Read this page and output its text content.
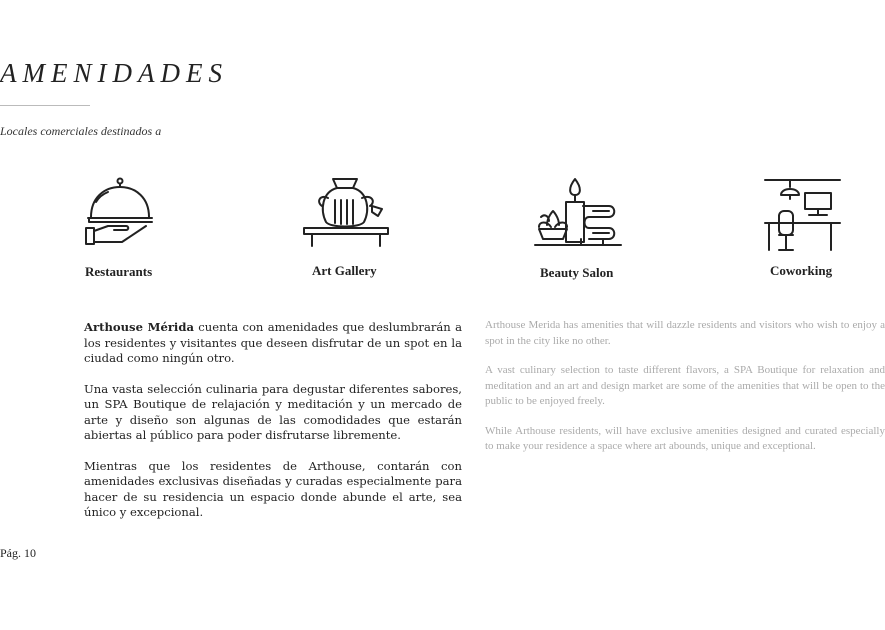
AMENIDADES
Locales comerciales destinados a
Restaurants	Art Gallery	Beauty Salon	Coworking

Arthouse Mérida cuenta con amenidades que deslumbrarán a los residentes y visitantes que deseen disfrutar de un spot en la ciudad como ningún otro.

Una vasta selección culinaria para degustar diferentes sabores, un SPA Boutique de relajación y meditación y un mercado de arte y diseño son algunas de las comodidades que estarán abiertas al público para poder disfrutarse libremente.

Mientras que los residentes de Arthouse, contarán con amenidades exclusivas diseñadas y curadas especialmente para hacer de su residencia un espacio donde abunde el arte, sea único y excepcional.

Arthouse Merida has amenities that will dazzle residents and visitors who wish to enjoy a spot in the city like no other.

A vast culinary selection to taste different flavors, a SPA Boutique for relaxation and meditation and an art and design market are some of the amenities that will be open to the public to be enjoyed freely.

While Arthouse residents, will have exclusive amenities designed and curated especially to make your residence a space where art abounds, unique and exceptional.

Pág. 10
